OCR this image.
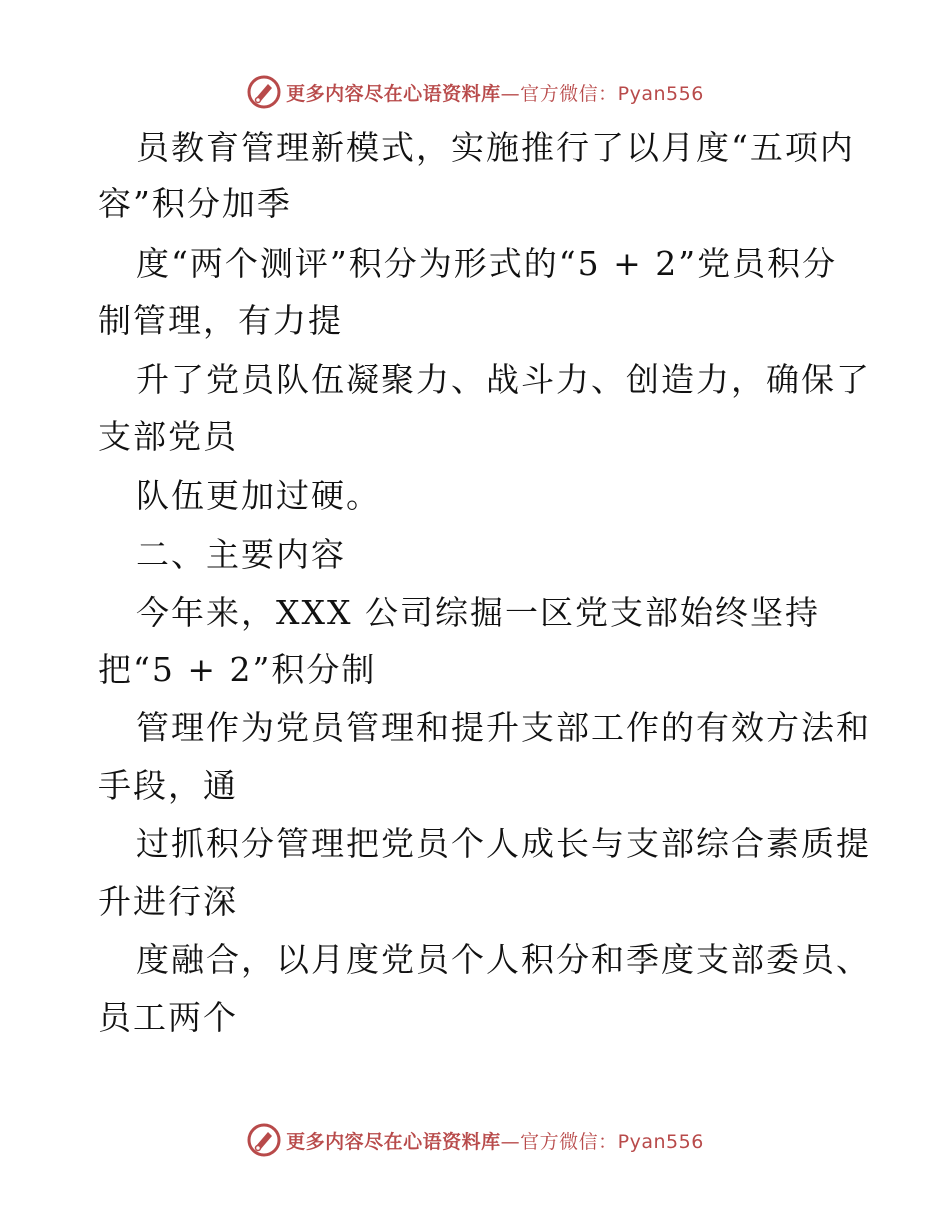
更多内容尽在心语资料库—官方微信：Pyan556
员教育管理新模式，实施推行了以月度“五项内
容”积分加季
度“两个测评”积分为形式的“5 + 2”党员积分
制管理，有力提
升了党员队伍凝聚力、战斗力、创造力，确保了
支部党员
队伍更加过硬。
二、主要内容
今年来，XXX 公司综掘一区党支部始终坚持
把“5 + 2”积分制
管理作为党员管理和提升支部工作的有效方法和
手段，通
过抓积分管理把党员个人成长与支部综合素质提
升进行深
度融合，以月度党员个人积分和季度支部委员、
员工两个
更多内容尽在心语资料库—官方微信：Pyan556
